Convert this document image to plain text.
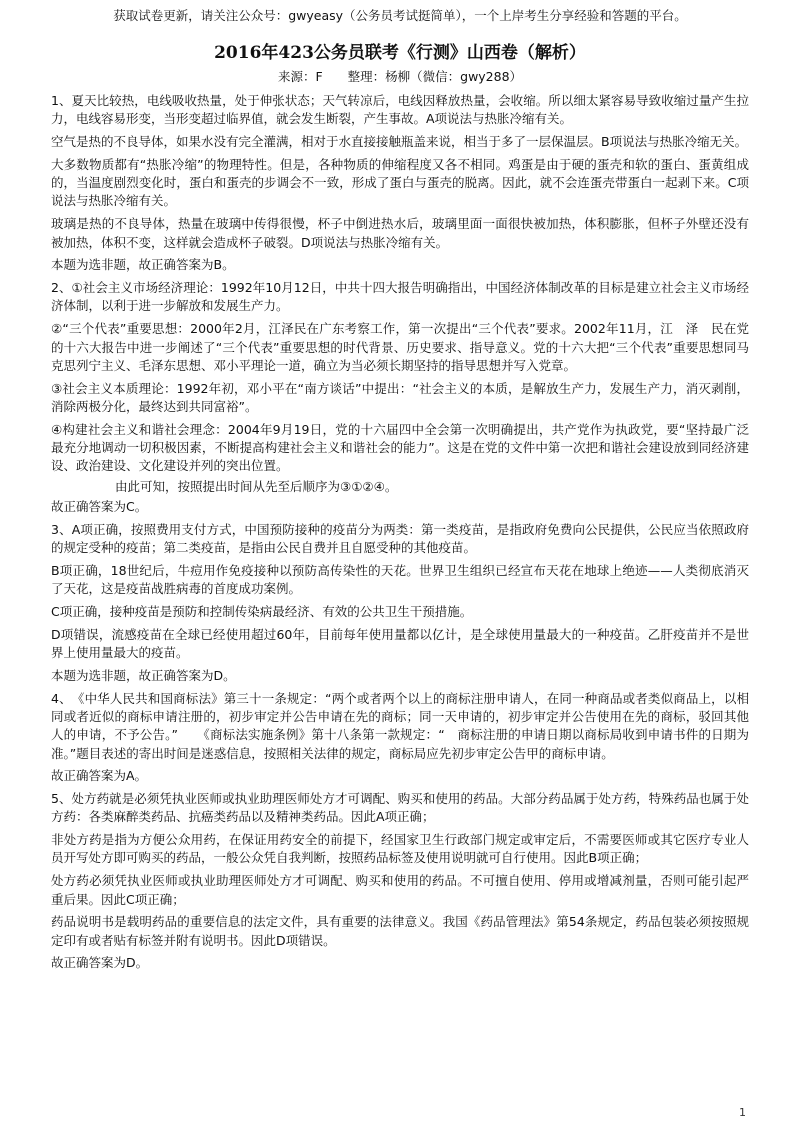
获取试卷更新，请关注公众号：gwyeasy（公务员考试挺简单），一个上岸考生分享经验和答题的平台。
2016年423公务员联考《行测》山西卷（解析）
来源：F　　整理：杨柳（微信：gwy288）

1、夏天比较热，电线吸收热量，处于伸张状态；天气转凉后，电线因释放热量，会收缩。所以细太紧容易导致收缩过量产生拉力，电线容易形变，当形变超过临界值，就会发生断裂，产生事故。A项说法与热胀冷缩有关。

空气是热的不良导体，如果水没有完全灌满，相对于水直接接触瓶盖来说，相当于多了一层保温层。B项说法与热胀冷缩无关。

大多数物质都有“热胀冷缩”的物理特性。但是，各种物质的伸缩程度又各不相同。鸡蛋是由于硬的蛋壳和软的蛋白、蛋黄组成的，当温度剧烈变化时，蛋白和蛋壳的步调会不一致，形成了蛋白与蛋壳的脱离。因此，就不会连蛋壳带蛋白一起剥下来。C项说法与热胀冷缩有关。

玻璃是热的不良导体，热量在玻璃中传得很慢，杯子中倒进热水后，玻璃里面一面很快被加热，体积膨胀，但杯子外壁还没有被加热，体积不变，这样就会造成杯子破裂。D项说法与热胀冷缩有关。

本题为选非题，故正确答案为B。

2、①社会主义市场经济理论：1992年10月12日，中共十四大报告明确指出，中国经济体制改革的目标是建立社会主义市场经济体制，以利于进一步解放和发展生产力。

②“三个代表”重要思想：2000年2月，江泽民在广东考察工作，第一次提出“三个代表”要求。2002年11月，江　泽　民在党的十六大报告中进一步阐述了“三个代表”重要思想的时代背景、历史要求、指导意义。党的十六大把“三个代表”重要思想同马克思列宁主义、毛泽东思想、邓小平理论一道，确立为当必须长期坚持的指导思想并写入党章。

③社会主义本质理论：1992年初，邓小平在“南方谈话”中提出：“社会主义的本质，是解放生产力，发展生产力，消灭剥削，消除两极分化，最终达到共同富裕”。

④构建社会主义和谐社会理念：2004年9月19日，党的十六届四中全会第一次明确提出，共产党作为执政党，要“坚持最广泛最充分地调动一切积极因素，不断提高构建社会主义和谐社会的能力”。这是在党的文件中第一次把和谐社会建设放到同经济建设、政治建设、文化建设并列的突出位置。

由此可知，按照提出时间从先至后顺序为③①②④。

故正确答案为C。

3、A项正确，按照费用支付方式，中国预防接种的疫苗分为两类：第一类疫苗，是指政府免费向公民提供，公民应当依照政府的规定受种的疫苗；第二类疫苗，是指由公民自费并且自愿受种的其他疫苗。

B项正确，18世纪后，牛痘用作免疫接种以预防高传染性的天花。世界卫生组织已经宣布天花在地球上绝迹——人类彻底消灭了天花，这是疫苗战胜病毒的首度成功案例。

C项正确，接种疫苗是预防和控制传染病最经济、有效的公共卫生干预措施。

D项错误，流感疫苗在全球已经使用超过60年，目前每年使用量都以亿计，是全球使用量最大的一种疫苗。乙肝疫苗并不是世界上使用量最大的疫苗。

本题为选非题，故正确答案为D。

4、　《中华人民共和国商标法》第三十一条规定：“两个或者两个以上的商标注册申请人，在同一种商品或者类似商品上，以相同或者近似的商标申请注册的，初步审定并公告申请在先的商标；同一天申请的，初步审定并公告使用在先的商标，驳回其他人的申请，不予公告。”　　《商标法实施条例》第十八条第一款规定：“　商标注册的申请日期以商标局收到申请书件的日期为准。”题目表述的寄出时间是迷惑信息，按照相关法律的规定，商标局应先初步审定公告甲的商标申请。

故正确答案为A。

5、处方药就是必须凭执业医师或执业助理医师处方才可调配、购买和使用的药品。大部分药品属于处方药，特殊药品也属于处方药：各类麻醉类药品、抗癌类药品以及精神类药品。因此A项正确；

非处方药是指为方便公众用药，在保证用药安全的前提下，经国家卫生行政部门规定或审定后，不需要医师或其它医疗专业人员开写处方即可购买的药品，一般公众凭自我判断，按照药品标签及使用说明就可自行使用。因此B项正确；

处方药必须凭执业医师或执业助理医师处方才可调配、购买和使用的药品。不可擅自使用、停用或增减剂量，否则可能引起严重后果。因此C项正确；

药品说明书是载明药品的重要信息的法定文件，具有重要的法律意义。我国《药品管理法》第54条规定，药品包装必须按照规定印有或者贴有标签并附有说明书。因此D项错误。

故正确答案为D。

1
